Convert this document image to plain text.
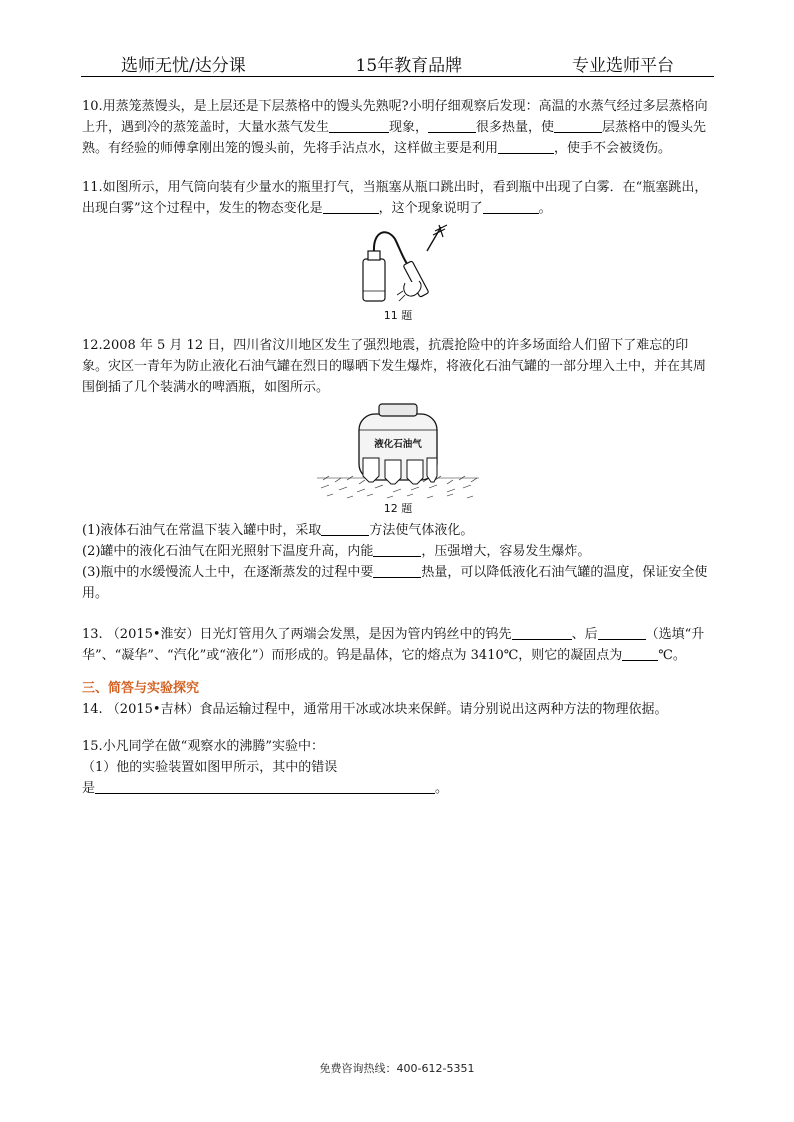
选师无忧/达分课	15年教育品牌	专业选师平台

10.用蒸笼蒸馒头，是上层还是下层蒸格中的馒头先熟呢?小明仔细观察后发现：高温的水蒸气经过多层蒸格向上升，遇到冷的蒸笼盖时，大量水蒸气发生	现象，	很多热量，使	层蒸格中的馒头先熟。有经验的师傅拿刚出笼的馒头前，先将手沾点水，这样做主要是利用	，使手不会被烫伤。

11.如图所示，用气筒向装有少量水的瓶里打气，当瓶塞从瓶口跳出时，看到瓶中出现了白雾．在“瓶塞跳出，出现白雾”这个过程中，发生的物态变化是	，这个现象说明了	。

11 题

12.2008 年 5 月 12 日，四川省汶川地区发生了强烈地震，抗震抢险中的许多场面给人们留下了难忘的印象。灾区一青年为防止液化石油气罐在烈日的曝晒下发生爆炸，将液化石油气罐的一部分埋入土中，并在其周围倒插了几个装满水的啤酒瓶，如图所示。

液化石油气
12 题

(1)液体石油气在常温下装入罐中时，采取	方法使气体液化。

(2)罐中的液化石油气在阳光照射下温度升高，内能	，压强增大，容易发生爆炸。

(3)瓶中的水缓慢流人土中，在逐渐蒸发的过程中要	热量，可以降低液化石油气罐的温度，保证安全使用。

13. （2015•淮安）日光灯管用久了两端会发黑，是因为管内钨丝中的钨先	、后	（选填“升华”、“凝华”、“汽化”或“液化”）而形成的。钨是晶体，它的熔点为 3410℃，则它的凝固点为	℃。

三、简答与实验探究

14. （2015•吉林）食品运输过程中，通常用干冰或冰块来保鲜。请分别说出这两种方法的物理依据。

15.小凡同学在做“观察水的沸腾”实验中：

（1）他的实验装置如图甲所示，其中的错误

是	。

免费咨询热线：400-612-5351
